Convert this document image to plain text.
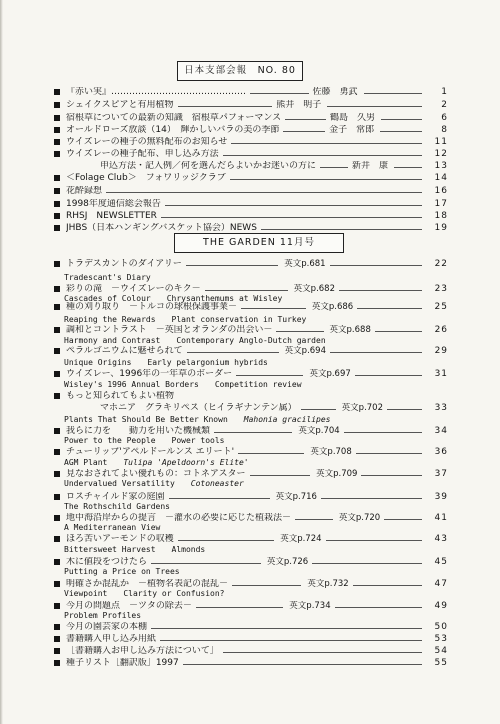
日本支部会報　NO. 80
『赤い実』………………………………………	佐藤　勇武	1
シェイクスピアと有用植物	熊井　明子	2
宿根草についての最新の知識　宿根草パフォーマンス	鶴島　久男	6
オールドローズ放談（14）　輝かしいバラの美の季節	金子　常郎	8
ウイズレーの種子の無料配布のお知らせ	11
ウイズレーの種子配布、申し込み方法	12
申込方法・記入例／何を選んだらよいかお迷いの方に	新井　康	13
＜Folage Club＞　フォワリッジクラブ	14
花酔録想	16
1998年度通信総会報告	17
RHSJ　NEWSLETTER	18
JHBS（日本ハンギングバスケット協会）NEWS	19
THE GARDEN 11月号
トラデスカントのダイアリー	英文p.681	22
Tradescant's Diary
彩りの滝　－ウイズレーのキク－	英文p.682	23
Cascades of Colour　　Chrysanthemums at Wisley
種の刈り取り　－トルコの球根保護事業－	英文p.686	25
Reaping the Rewards　　Plant conservation in Turkey
調和とコントラスト　－英国とオランダの出会い－	英文p.688	26
Harmony and Contrast　　Contemporary Anglo-Dutch garden
ペラルゴニウムに魅せられて	英文p.694	29
Unique Origins　　Early pelargonium hybrids
ウイズレー、1996年の一年草のボーダー	英文p.697	31
Wisley's 1996 Annual Borders　　Competition review
もっと知られてもよい植物
マホニア　グラキリペス（ヒイラギナンテン属）	英文p.702	33
Plants That Should Be Better Known　　 Mahonia gracilipes
我らに力を　　動力を用いた機械類	英文p.704	34
Power to the People　　Power tools
チューリップ'アペルドールンス エリート'	英文p.708	36
AGM Plant　　 Tulipa 'Apeldoorn's Elite'
見なおされてよい優れもの：コトネアスター	英文p.709	37
Undervalued Versatility　　 Cotoneaster
ロスチャイルド家の庭園	英文p.716	39
The Rothschild Gardens
地中海沿岸からの提言　－灌水の必要に応じた植栽法－	英文p.720	41
A Mediterranean View
ほろ苦いアーモンドの収穫	英文p.724	43
Bittersweet Harvest　　Almonds
木に値段をつけたら	英文p.726	45
Putting a Price on Trees
明確さか混乱か　－植物名表記の混乱－	英文p.732	47
Viewpoint　　Clarity or Confusion?
今月の問題点　－ツタの除去－	英文p.734	49
Problem Profiles
今月の園芸家の本棚	50
書籍購入申し込み用紙	53
［書籍購入お申し込み方法について］	54
種子リスト［翻訳版］1997	55
